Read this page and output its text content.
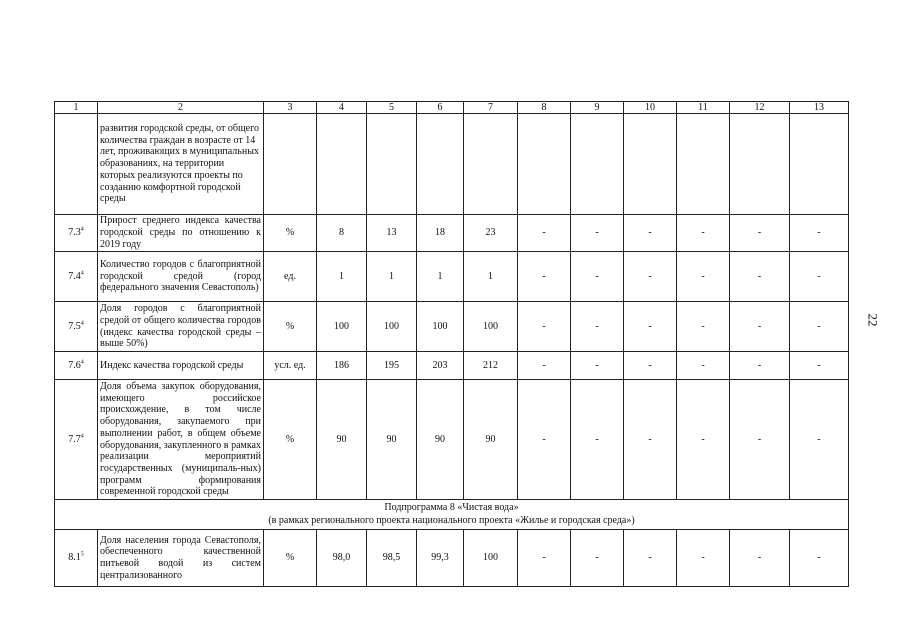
22
1	2	3	4	5	6	7	8	9	10	11	12	13
	развития городской среды, от общего количества граждан в возрасте от 14 лет, проживающих в муниципальных образованиях, на территории которых реализуются проекты по созданию комфортной городской среды											
$7.3^4$	Прирост среднего индекса качества городской среды по отношению к 2019 году	%	8	13	18	23	-	-	-	-	-	-
$7.4^4$	Количество городов с благоприятной городской средой (город федерального значения Севастополь)	ед.	1	1	1	1	-	-	-	-	-	-
$7.5^4$	Доля городов с благоприятной средой от общего количества городов (индекс качества городской среды – выше 50%)	%	100	100	100	100	-	-	-	-	-	-
$7.6^4$	Индекс качества городской среды	усл. ед.	186	195	203	212	-	-	-	-	-	-
$7.7^4$	Доля объема закупок оборудования, имеющего российское происхождение, в том числе оборудования, закупаемого при выполнении работ, в общем объеме оборудования, закупленного в рамках реализации мероприятий государственных (муниципаль-ных) программ формирования современной городской среды	%	90	90	90	90	-	-	-	-	-	-

Подпрограмма 8 «Чистая вода»
(в рамках регионального проекта национального проекта «Жилье и городская среда»)												

$8.1^5$	Доля населения города Севастополя, обеспеченного качественной питьевой водой из систем централизованного	%	98,0	98,5	99,3	100	-	-	-	-	-	-
